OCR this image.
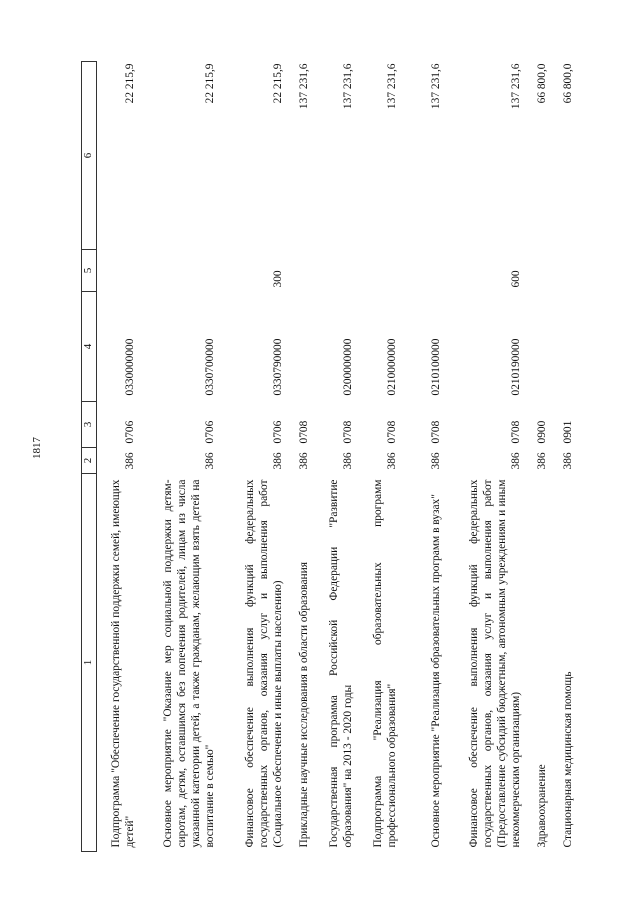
1817
1	2	3	4	5	6
Подпрограмма "Обеспечение государственной поддержки семей, имеющих детей"	386	0706	0330000000		22 215,9
Основное мероприятие "Оказание мер социальной поддержки детям-сиротам, детям, оставшимся без попечения родителей, лицам из числа указанной категории детей, а также гражданам, желающим взять детей на воспитание в семью"	386	0706	0330700000		22 215,9
Финансовое обеспечение выполнения функций федеральных государственных органов, оказания услуг и выполнения работ (Социальное обеспечение и иные выплаты населению)	386	0706	0330790000	300	22 215,9
Прикладные научные исследования в области образования	386	0708			137 231,6
Государственная программа Российской Федерации "Развитие образования" на 2013 - 2020 годы	386	0708	0200000000		137 231,6
Подпрограмма "Реализация образовательных программ профессионального образования"	386	0708	0210000000		137 231,6
Основное мероприятие "Реализация образовательных программ в вузах"	386	0708	0210100000		137 231,6
Финансовое обеспечение выполнения функций федеральных государственных органов, оказания услуг и выполнения работ (Предоставление субсидий бюджетным, автономным учреждениям и иным некоммерческим организациям)	386	0708	0210190000	600	137 231,6
Здравоохранение	386	0900			66 800,0
Стационарная медицинская помощь	386	0901			66 800,0
